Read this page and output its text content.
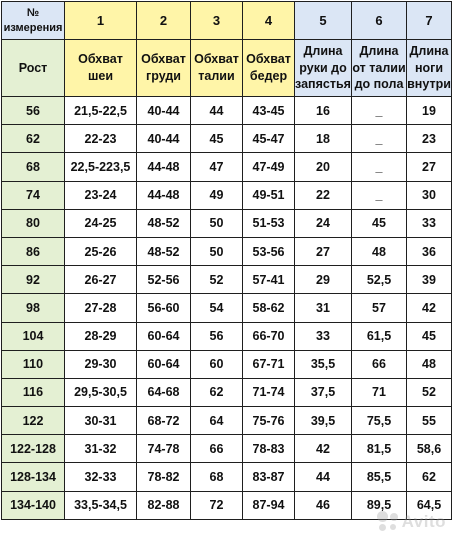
№ измерения	1	2	3	4	5	6	7
Рост	Обхват шеи	Обхват груди	Обхват талии	Обхват бедер	Длина руки до запястья	Длина от талии до пола	Длина ноги внутри
56	21,5-22,5	40-44	44	43-45	16	_	19
62	22-23	40-44	45	45-47	18	_	23
68	22,5-223,5	44-48	47	47-49	20	_	27
74	23-24	44-48	49	49-51	22	_	30
80	24-25	48-52	50	51-53	24	45	33
86	25-26	48-52	50	53-56	27	48	36
92	26-27	52-56	52	57-41	29	52,5	39
98	27-28	56-60	54	58-62	31	57	42
104	28-29	60-64	56	66-70	33	61,5	45
110	29-30	60-64	60	67-71	35,5	66	48
116	29,5-30,5	64-68	62	71-74	37,5	71	52
122	30-31	68-72	64	75-76	39,5	75,5	55
122-128	31-32	74-78	66	78-83	42	81,5	58,6
128-134	32-33	78-82	68	83-87	44	85,5	62
134-140	33,5-34,5	82-88	72	87-94	46	89,5	64,5
Avito
